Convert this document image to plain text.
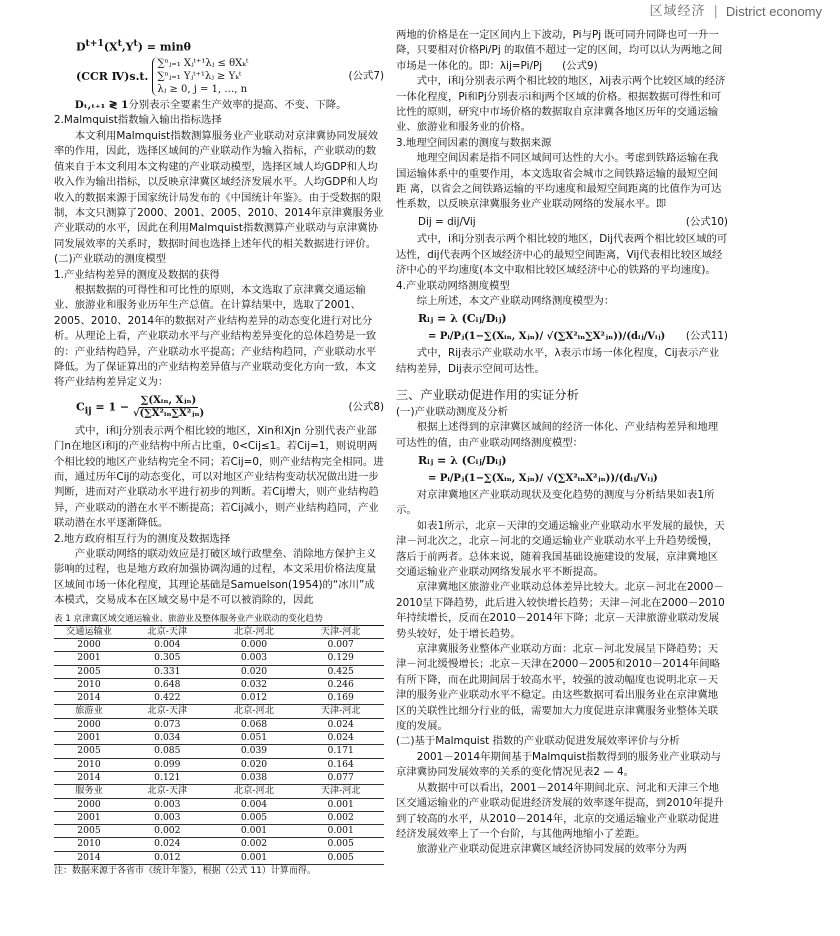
区域经济 | District economy
$D^{t+1}(X^t,Y^t) = \min\theta$
(CCR Ⅳ)s.t.
∑ⁿⱼ₌₁ Xⱼᵗ⁺¹λⱼ ≤ θXₖᵗ
∑ⁿⱼ₌₁ Yⱼᵗ⁺¹λⱼ ≥ Yₖᵗ
λⱼ ≥ 0, j = 1, …, n
(公式7)

Dₜ,ₜ₊₁ ≷ 1分别表示全要素生产效率的提高、不变、下降。

2.Malmquist指数输入输出指标选择

本文利用Malmquist指数测算服务业产业联动对京津冀协同发展效率的作用，因此，选择区域间的产业联动作为输入指标，产业联动的数值来自于本文利用本文构建的产业联动模型，选择区域人均GDP和人均收入作为输出指标，以反映京津冀区域经济发展水平。人均GDP和人均收入的数据来源于国家统计局发布的《中国统计年鉴》。由于受数据的限制，本文只测算了2000、2001、2005、2010、2014年京津冀服务业产业联动的水平，因此在利用Malmquist指数测算产业联动与京津冀协同发展效率的关系时，数据时间也选择上述年代的相关数据进行评价。

(二)产业联动的测度模型

1.产业结构差异的测度及数据的获得

根据数据的可得性和可比性的原则，本文选取了京津冀交通运输业、旅游业和服务业历年生产总值。在计算结果中，选取了2001、2005、2010、2014年的数据对产业结构差异的动态变化进行对比分析。从理论上看，产业联动水平与产业结构差异变化的总体趋势是一致的：产业结构趋异，产业联动水平提高；产业结构趋同，产业联动水平降低。为了保证算出的产业结构差异值与产业联动变化方向一致，本文将产业结构差异定义为：

$C_{ij} = 1 - \frac{\text{∑(Xᵢₙ, Xⱼₙ)}}{\text{√(∑X²ᵢₙ∑X²ⱼₙ)}}$	(公式8)

式中，i和j分别表示两个相比较的地区，Xin和Xjn 分别代表产业部门n在地区i和j的产业结构中所占比重，0<Cij≤1。若Cij=1，则说明两个相比较的地区产业结构完全不同；若Cij=0，则产业结构完全相同。进而，通过历年Cij的动态变化，可以对地区产业结构变动状况做出进一步判断，进而对产业联动水平进行初步的判断。若Cij增大，则产业结构趋异，产业联动的潜在水平不断提高；若Cij减小，则产业结构趋同，产业联动潜在水平逐渐降低。

2.地方政府相互行为的测度及数据选择

产业联动网络的联动效应是打破区域行政壁垒、消除地方保护主义影响的过程，也是地方政府加强协调沟通的过程，本文采用价格法度量区域间市场一体化程度，其理论基础是Samuelson(1954)的“冰川”成本模式，交易成本在区域交易中是不可以被消除的，因此

表 1 京津冀区域交通运输业、旅游业及整体服务业产业联动的变化趋势
交通运输业	北京-天津	北京-河北	天津-河北
2000	0.004	0.000	0.007
2001	0.305	0.003	0.129
2005	0.331	0.020	0.425
2010	0.648	0.032	0.246
2014	0.422	0.012	0.169
旅游业	北京-天津	北京-河北	天津-河北
2000	0.073	0.068	0.024
2001	0.034	0.051	0.024
2005	0.085	0.039	0.171
2010	0.099	0.020	0.164
2014	0.121	0.038	0.077
服务业	北京-天津	北京-河北	天津-河北
2000	0.003	0.004	0.001
2001	0.003	0.005	0.002
2005	0.002	0.001	0.001
2010	0.024	0.002	0.005
2014	0.012	0.001	0.005

注：数据来源于各省市《统计年鉴》，根据（公式 11）计算而得。

两地的价格是在一定区间内上下波动，Pi与Pj 既可同升同降也可一升一降，只要相对价格Pi/Pj 的取值不超过一定的区间，均可以认为两地之间市场是一体化的。即：λij=Pi/Pj (公式9)

式中，i和j分别表示两个相比较的地区，λij表示两个比较区域的经济一体化程度，Pi和Pj分别表示i和j两个区域的价格。根据数据可得性和可比性的原则，研究中市场价格的数据取自京津冀各地区历年的交通运输业、旅游业和服务业的价格。

3.地理空间因素的测度与数据来源

地理空间因素是指不同区域间可达性的大小。考虑到铁路运输在我国运输体系中的重要作用，本文选取省会城市之间铁路运输的最短空间距 离，以省会之间铁路运输的平均速度和最短空间距离的比值作为可达性系数，以反映京津冀服务业产业联动网络的发展水平。即

Dij = dij/Vij	(公式10)

式中，i和j分别表示两个相比较的地区，Dij代表两个相比较区域的可达性，dij代表两个区域经济中心的最短空间距离，Vij代表相比较区域经济中心的平均速度(本文中取相比较区域经济中心的铁路的平均速度)。

4.产业联动网络测度模型

综上所述，本文产业联动网络测度模型为：

Rᵢⱼ = λ (Cᵢⱼ/Dᵢⱼ)
= Pᵢ/Pⱼ(1−∑(Xᵢₙ, Xⱼₙ)/ √(∑X²ᵢₙ∑X²ⱼₙ))/(dᵢⱼ/Vᵢⱼ) (公式11)

式中，Rij表示产业联动水平，λ表示市场一体化程度，Cij表示产业结构差异，Dij表示空间可达性。

三、产业联动促进作用的实证分析

(一)产业联动测度及分析

根据上述得到的京津冀区域间的经济一体化、产业结构差异和地理可达性的值，由产业联动网络测度模型：

Rᵢⱼ = λ (Cᵢⱼ/Dᵢⱼ)
= Pᵢ/Pⱼ(1−∑(Xᵢₙ, Xⱼₙ)/ √(∑X²ᵢₙX²ⱼₙ))/(dᵢⱼ/Vᵢⱼ)

对京津冀地区产业联动现状及变化趋势的测度与分析结果如表1所示。

如表1所示，北京－天津的交通运输业产业联动水平发展的最快，天津－河北次之，北京－河北的交通运输业产业联动水平上升趋势缓慢，落后于前两者。总体来说，随着我国基础设施建设的发展，京津冀地区交通运输业产业联动网络发展水平不断提高。

京津冀地区旅游业产业联动总体差异比较大。北京－河北在2000－2010呈下降趋势，此后进入较快增长趋势；天津－河北在2000－2010年持续增长，反而在2010－2014年下降；北京－天津旅游业联动发展势头较好，处于增长趋势。

京津冀服务业整体产业联动方面：北京－河北发展呈下降趋势；天津－河北缓慢增长；北京－天津在2000－2005和2010－2014年间略有所下降，而在此期间居于较高水平，较强的波动幅度也说明北京－天津的服务业产业联动水平不稳定。由这些数据可看出服务业在京津冀地区的关联性比细分行业的低，需要加大力度促进京津冀服务业整体关联度的发展。

(二)基于Malmquist 指数的产业联动促进发展效率评价与分析

2001－2014年期间基于Malmquist指数得到的服务业产业联动与京津冀协同发展效率的关系的变化情况见表2 — 4。

从数据中可以看出，2001－2014年期间北京、河北和天津三个地区交通运输业的产业联动促进经济发展的效率逐年提高，到2010年提升到了较高的水平，从2010－2014年，北京的交通运输业产业联动促进经济发展效率上了一个台阶，与其他两地缩小了差距。

旅游业产业联动促进京津冀区域经济协同发展的效率分为两
